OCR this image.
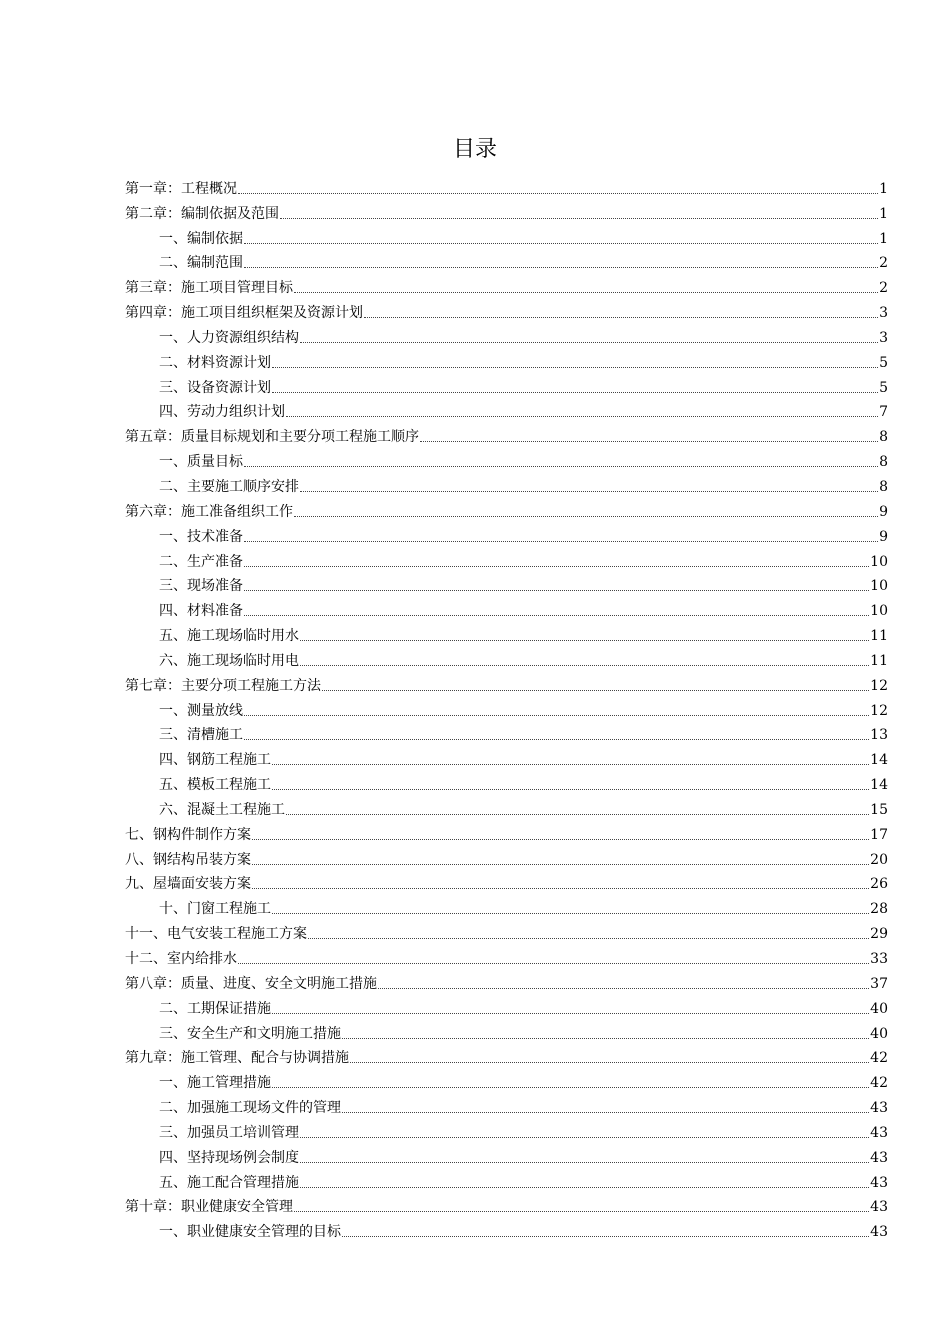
目录
第一章：工程概况	1
第二章：编制依据及范围	1
一、编制依据	1
二、编制范围	2
第三章：施工项目管理目标	2
第四章：施工项目组织框架及资源计划	3
一、人力资源组织结构	3
二、材料资源计划	5
三、设备资源计划	5
四、劳动力组织计划	7
第五章：质量目标规划和主要分项工程施工顺序	8
一、质量目标	8
二、主要施工顺序安排	8
第六章：施工准备组织工作	9
一、技术准备	9
二、生产准备	10
三、现场准备	10
四、材料准备	10
五、施工现场临时用水	11
六、施工现场临时用电	11
第七章：主要分项工程施工方法	12
一、测量放线	12
三、清槽施工	13
四、钢筋工程施工	14
五、模板工程施工	14
六、混凝土工程施工	15
七、钢构件制作方案	17
八、钢结构吊装方案	20
九、屋墙面安装方案	26
十、门窗工程施工	28
十一、电气安装工程施工方案	29
十二、室内给排水	33
第八章：质量、进度、安全文明施工措施	37
二、工期保证措施	40
三、安全生产和文明施工措施	40
第九章：施工管理、配合与协调措施	42
一、施工管理措施	42
二、加强施工现场文件的管理	43
三、加强员工培训管理	43
四、坚持现场例会制度	43
五、施工配合管理措施	43
第十章：职业健康安全管理	43
一、职业健康安全管理的目标	43
